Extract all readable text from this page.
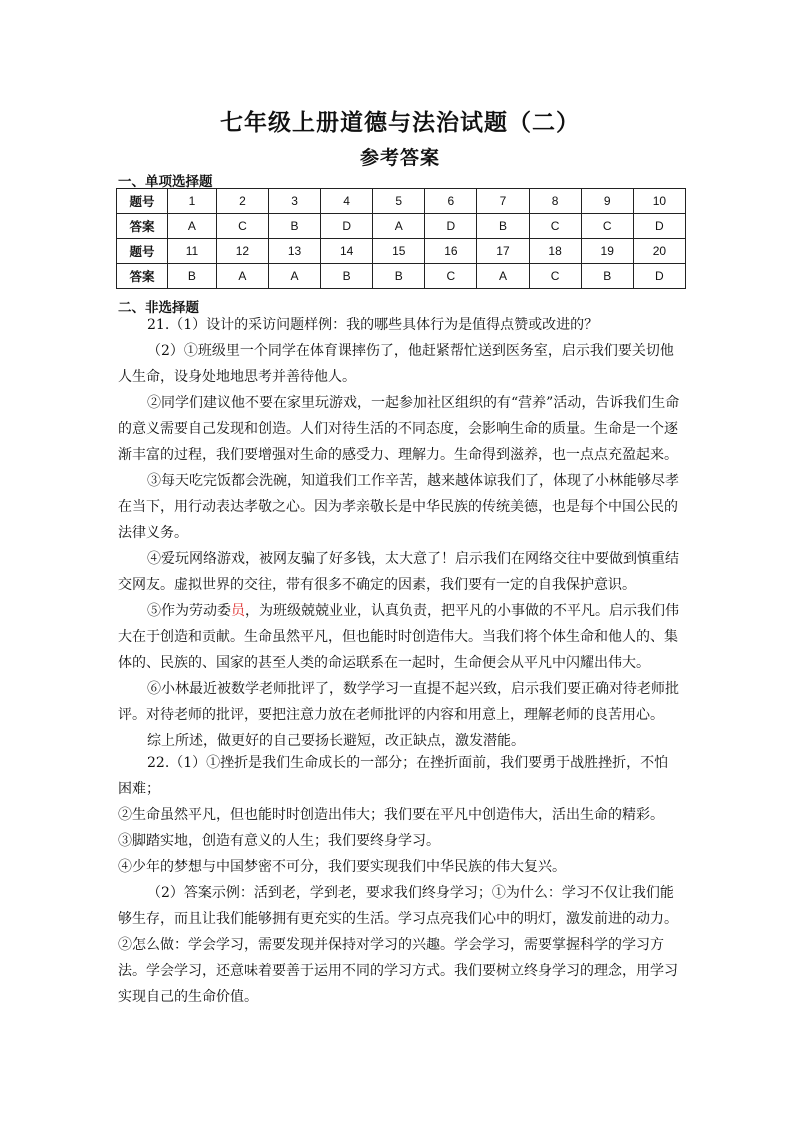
七年级上册道德与法治试题（二）
参考答案
一、单项选择题
题号	1	2	3	4	5	6	7	8	9	10
答案	A	C	B	D	A	D	B	C	C	D
题号	11	12	13	14	15	16	17	18	19	20
答案	B	A	A	B	B	C	A	C	B	D
二、非选择题

21.（1）设计的采访问题样例：我的哪些具体行为是值得点赞或改进的？

（2）①班级里一个同学在体育课摔伤了，他赶紧帮忙送到医务室，启示我们要关切他人生命，设身处地地思考并善待他人。

②同学们建议他不要在家里玩游戏，一起参加社区组织的有“营养”活动，告诉我们生命的意义需要自己发现和创造。人们对待生活的不同态度，会影响生命的质量。生命是一个逐渐丰富的过程，我们要增强对生命的感受力、理解力。生命得到滋养，也一点点充盈起来。

③每天吃完饭都会洗碗，知道我们工作辛苦，越来越体谅我们了，体现了小林能够尽孝在当下，用行动表达孝敬之心。因为孝亲敬长是中华民族的传统美德，也是每个中国公民的法律义务。

④爱玩网络游戏，被网友骗了好多钱，太大意了！启示我们在网络交往中要做到慎重结交网友。虚拟世界的交往，带有很多不确定的因素，我们要有一定的自我保护意识。

⑤作为劳动委员，为班级兢兢业业，认真负责，把平凡的小事做的不平凡。启示我们伟大在于创造和贡献。生命虽然平凡，但也能时时创造伟大。当我们将个体生命和他人的、集体的、民族的、国家的甚至人类的命运联系在一起时，生命便会从平凡中闪耀出伟大。

⑥小林最近被数学老师批评了，数学学习一直提不起兴致，启示我们要正确对待老师批评。对待老师的批评，要把注意力放在老师批评的内容和用意上，理解老师的良苦用心。

综上所述，做更好的自己要扬长避短，改正缺点，激发潜能。

22.（1）①挫折是我们生命成长的一部分；在挫折面前，我们要勇于战胜挫折，不怕困难；

②生命虽然平凡，但也能时时创造出伟大；我们要在平凡中创造伟大，活出生命的精彩。

③脚踏实地，创造有意义的人生；我们要终身学习。

④少年的梦想与中国梦密不可分，我们要实现我们中华民族的伟大复兴。

（2）答案示例：活到老，学到老，要求我们终身学习；①为什么：学习不仅让我们能够生存，而且让我们能够拥有更充实的生活。学习点亮我们心中的明灯，激发前进的动力。②怎么做：学会学习，需要发现并保持对学习的兴趣。学会学习，需要掌握科学的学习方法。学会学习，还意味着要善于运用不同的学习方式。我们要树立终身学习的理念，用学习实现自己的生命价值。
